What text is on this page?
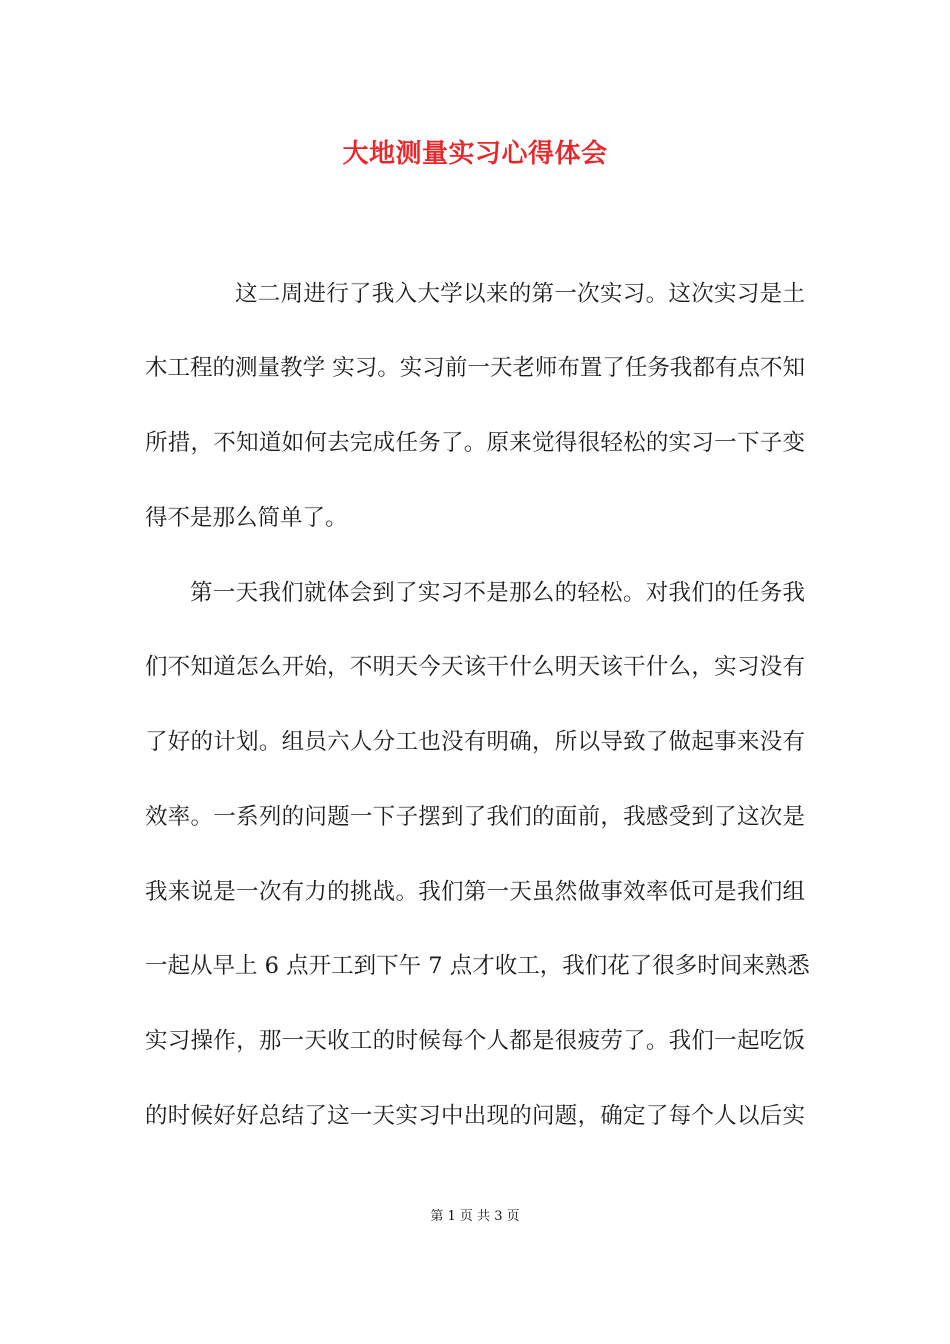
大地测量实习心得体会
这二周进行了我入大学以来的第一次实习。这次实习是土
木工程的测量教学 实习。实习前一天老师布置了任务我都有点不知
所措，不知道如何去完成任务了。原来觉得很轻松的实习一下子变
得不是那么简单了。
第一天我们就体会到了实习不是那么的轻松。对我们的任务我
们不知道怎么开始，不明天今天该干什么明天该干什么，实习没有
了好的计划。组员六人分工也没有明确，所以导致了做起事来没有
效率。一系列的问题一下子摆到了我们的面前，我感受到了这次是
我来说是一次有力的挑战。我们第一天虽然做事效率低可是我们组
一起从早上 6 点开工到下午 7 点才收工，我们花了很多时间来熟悉
实习操作，那一天收工的时候每个人都是很疲劳了。我们一起吃饭
的时候好好总结了这一天实习中出现的问题，确定了每个人以后实
第 1 页 共 3 页
